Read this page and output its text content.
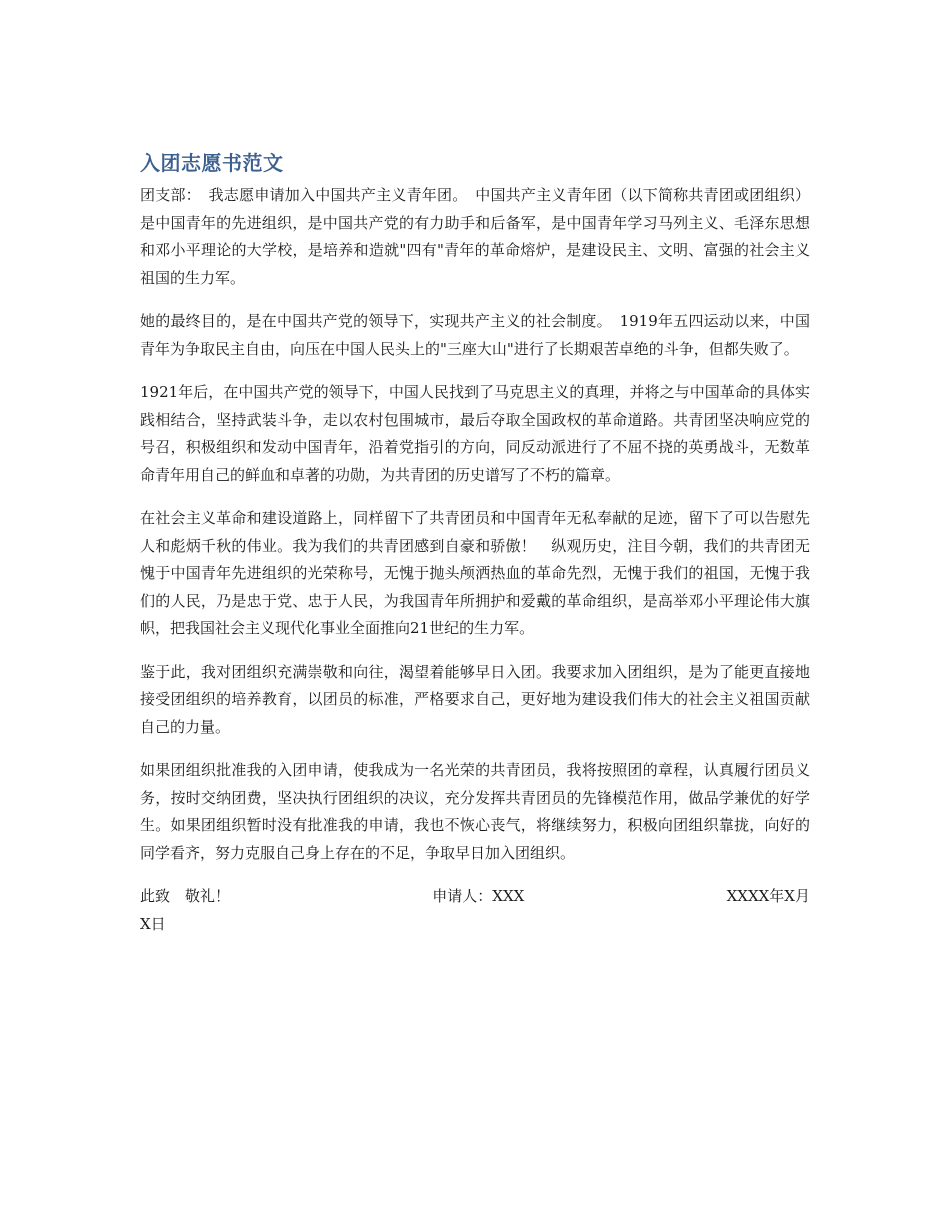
入团志愿书范文

团支部：　我志愿申请加入中国共产主义青年团。　中国共产主义青年团（以下简称共青团或团组织）是中国青年的先进组织，是中国共产党的有力助手和后备军，是中国青年学习马列主义、毛泽东思想和邓小平理论的大学校，是培养和造就"四有"青年的革命熔炉，是建设民主、文明、富强的社会主义祖国的生力军。

她的最终目的，是在中国共产党的领导下，实现共产主义的社会制度。　1919年五四运动以来，中国青年为争取民主自由，向压在中国人民头上的"三座大山"进行了长期艰苦卓绝的斗争，但都失败了。

1921年后，在中国共产党的领导下，中国人民找到了马克思主义的真理，并将之与中国革命的具体实践相结合，坚持武装斗争，走以农村包围城市，最后夺取全国政权的革命道路。共青团坚决响应党的号召，积极组织和发动中国青年，沿着党指引的方向，同反动派进行了不屈不挠的英勇战斗，无数革命青年用自己的鲜血和卓著的功勋，为共青团的历史谱写了不朽的篇章。

在社会主义革命和建设道路上，同样留下了共青团员和中国青年无私奉献的足迹，留下了可以告慰先人和彪炳千秋的伟业。我为我们的共青团感到自豪和骄傲！　纵观历史，注目今朝，我们的共青团无愧于中国青年先进组织的光荣称号，无愧于抛头颅洒热血的革命先烈，无愧于我们的祖国，无愧于我们的人民，乃是忠于党、忠于人民，为我国青年所拥护和爱戴的革命组织，是高举邓小平理论伟大旗帜，把我国社会主义现代化事业全面推向21世纪的生力军。

鉴于此，我对团组织充满崇敬和向往，渴望着能够早日入团。我要求加入团组织，是为了能更直接地接受团组织的培养教育，以团员的标准，严格要求自己，更好地为建设我们伟大的社会主义祖国贡献自己的力量。

如果团组织批准我的入团申请，使我成为一名光荣的共青团员，我将按照团的章程，认真履行团员义务，按时交纳团费，坚决执行团组织的决议，充分发挥共青团员的先锋模范作用，做品学兼优的好学生。如果团组织暂时没有批准我的申请，我也不恢心丧气，将继续努力，积极向团组织靠拢，向好的同学看齐，努力克服自己身上存在的不足，争取早日加入团组织。

此致　敬礼！	申请人：XXX	XXXX年X月
X日
